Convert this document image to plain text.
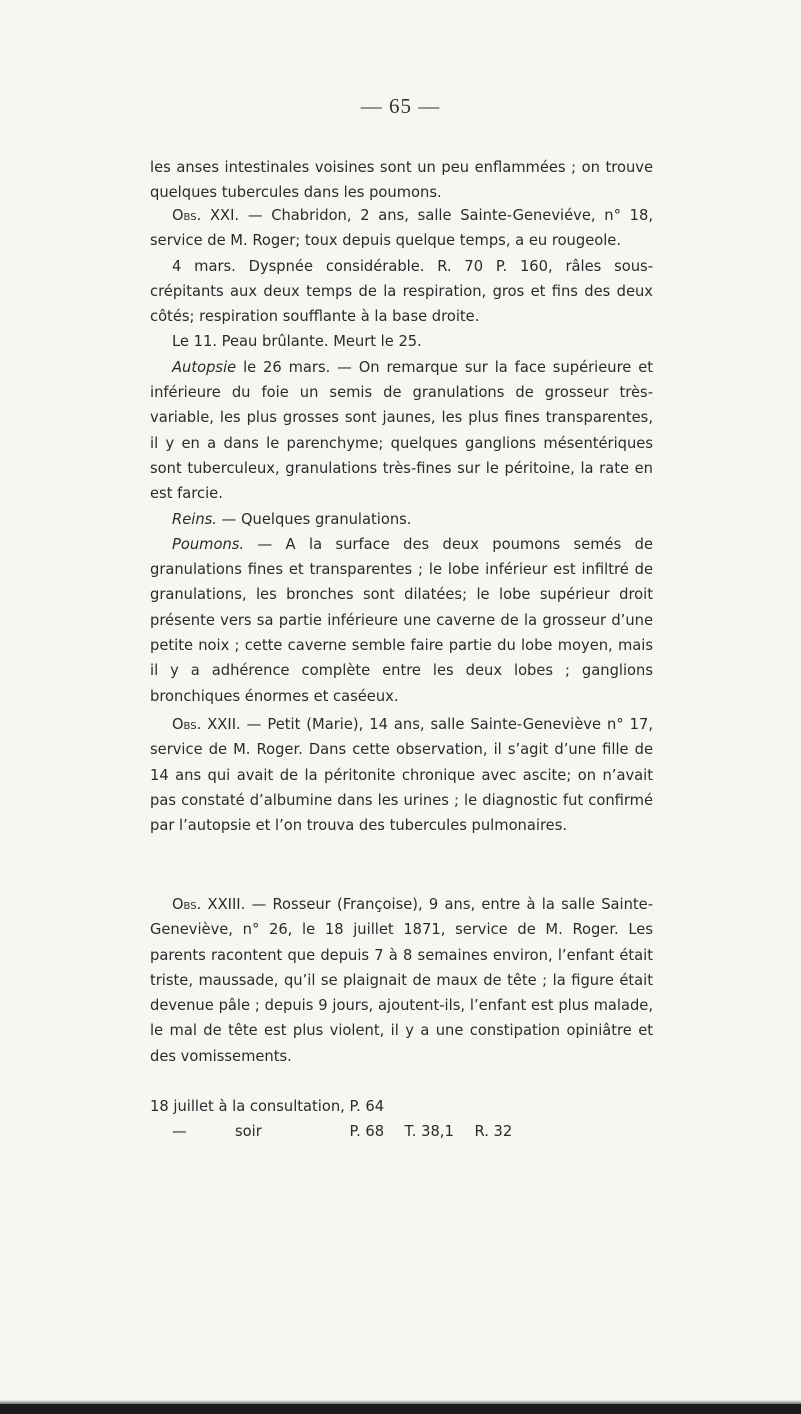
— 65 —

les anses intestinales voisines sont un peu enflammées ; on trouve quelques tubercules dans les poumons.

Obs. XXI. — Chabridon, 2 ans, salle Sainte-Geneviéve, n° 18, service de M. Roger; toux depuis quelque temps, a eu rougeole.

4 mars. Dyspnée considérable. R. 70 P. 160, râles sous-crépitants aux deux temps de la respiration, gros et fins des deux côtés; respiration soufflante à la base droite.

Le 11. Peau brûlante. Meurt le 25.

Autopsie le 26 mars. — On remarque sur la face supérieure et inférieure du foie un semis de granulations de grosseur très-variable, les plus grosses sont jaunes, les plus fines transparentes, il y en a dans le parenchyme; quelques ganglions mésentériques sont tuberculeux, granulations très-fines sur le péritoine, la rate en est farcie.

Reins. — Quelques granulations.

Poumons. — A la surface des deux poumons semés de granulations fines et transparentes ; le lobe inférieur est infiltré de granulations, les bronches sont dilatées; le lobe supérieur droit présente vers sa partie inférieure une caverne de la grosseur d’une petite noix ; cette caverne semble faire partie du lobe moyen, mais il y a adhérence complète entre les deux lobes ; ganglions bronchiques énormes et caséeux.

Obs. XXII. — Petit (Marie), 14 ans, salle Sainte-Geneviève n° 17, service de M. Roger. Dans cette observation, il s’agit d’une fille de 14 ans qui avait de la péritonite chronique avec ascite; on n’avait pas constaté d’albumine dans les urines ; le diagnostic fut confirmé par l’autopsie et l’on trouva des tubercules pulmonaires.

Obs. XXIII. — Rosseur (Françoise), 9 ans, entre à la salle Sainte-Geneviève, n° 26, le 18 juillet 1871, service de M. Roger. Les parents racontent que depuis 7 à 8 semaines environ, l’enfant était triste, maussade, qu’il se plaignait de maux de tête ; la figure était devenue pâle ; depuis 9 jours, ajoutent-ils, l’enfant est plus malade, le mal de tête est plus violent, il y a une constipation opiniâtre et des vomissements.

18 juillet à la consultation, P. 64
—	soir	P. 68 T. 38,1 R. 32
